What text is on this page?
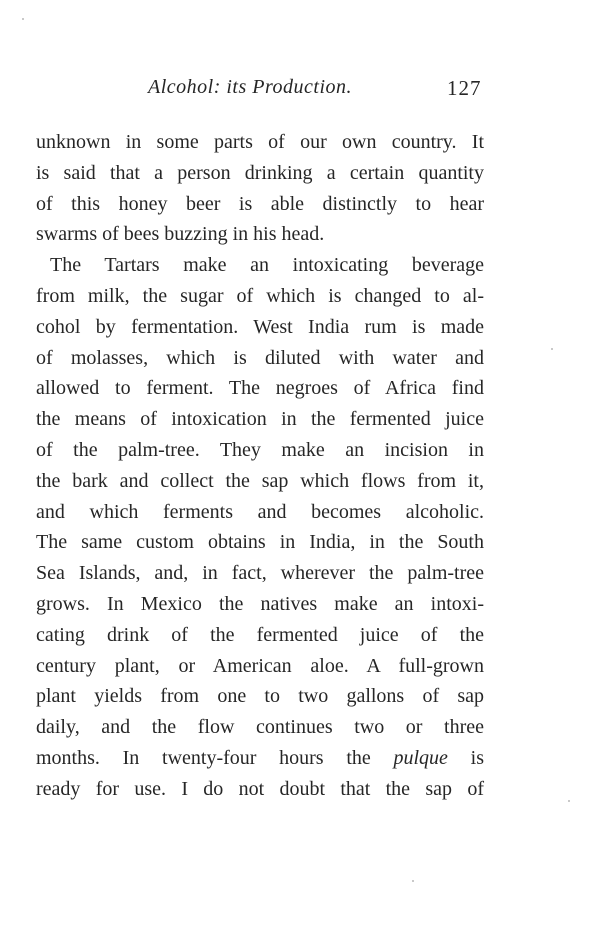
Alcohol: its Production.	127
unknown in some parts of our own country. It
is said that a person drinking a certain quantity
of this honey beer is able distinctly to hear
swarms of bees buzzing in his head.
The Tartars make an intoxicating beverage
from milk, the sugar of which is changed to al-
cohol by fermentation. West India rum is made
of molasses, which is diluted with water and
allowed to ferment. The negroes of Africa find
the means of intoxication in the fermented juice
of the palm-tree. They make an incision in
the bark and collect the sap which flows from it,
and which ferments and becomes alcoholic.
The same custom obtains in India, in the South
Sea Islands, and, in fact, wherever the palm-tree
grows. In Mexico the natives make an intoxi-
cating drink of the fermented juice of the
century plant, or American aloe. A full-grown
plant yields from one to two gallons of sap
daily, and the flow continues two or three
months. In twenty-four hours the pulque is
ready for use. I do not doubt that the sap of
